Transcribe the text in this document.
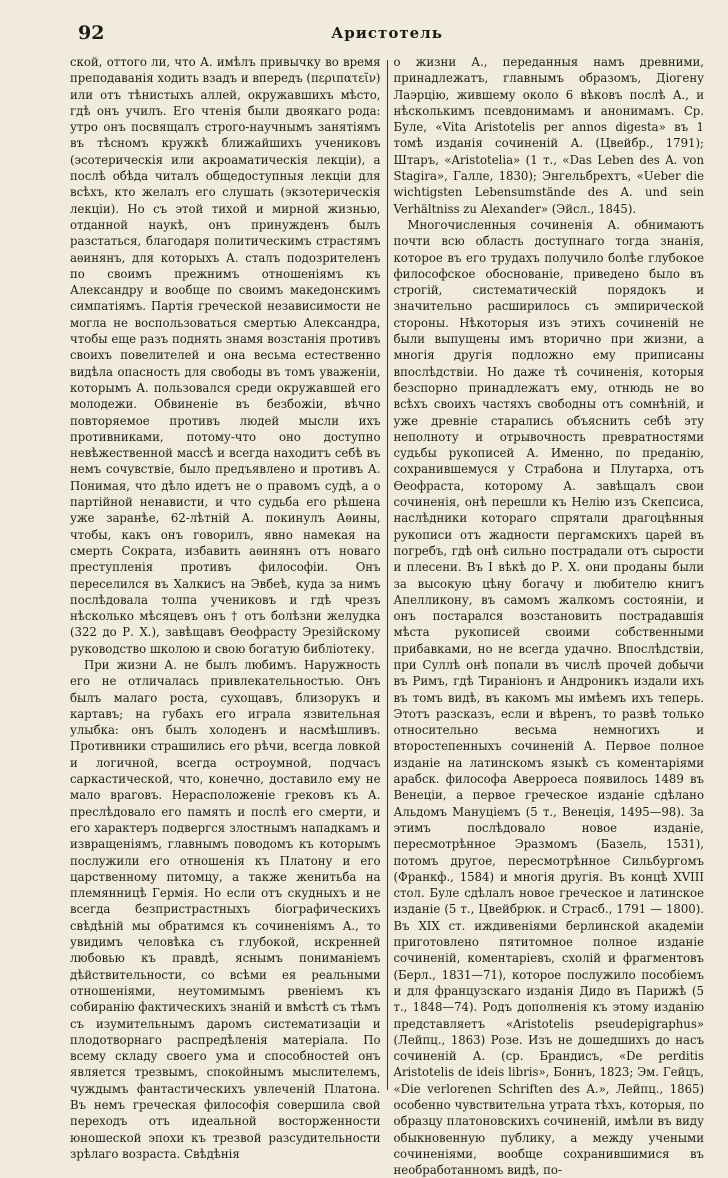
92	Аристотель

ской, оттого ли, что А. имѣлъ привычку во время преподаванія ходить взадъ и впередъ (περιπατεῖν) или отъ тѣнистыхъ аллей, окружавшихъ мѣсто, гдѣ онъ училъ. Его чтенія были двоякаго рода: утро онъ посвящалъ строго-научнымъ занятіямъ въ тѣсномъ кружкѣ ближайшихъ учениковъ (эсотерическія или акроаматическія лекціи), а послѣ обѣда читалъ общедоступныя лекціи для всѣхъ, кто желалъ его слушать (экзотерическія лекціи). Но съ этой тихой и мирной жизнью, отданной наукѣ, онъ принужденъ былъ разстаться, благодаря политическимъ страстямъ аѳинянъ, для которыхъ А. сталъ подозрителенъ по своимъ прежнимъ отношеніямъ къ Александру и вообще по своимъ македонскимъ симпатіямъ. Партія греческой независимости не могла не воспользоваться смертью Александра, чтобы еще разъ поднять знамя возстанія противъ своихъ повелителей и она весьма естественно видѣла опасность для свободы въ томъ уваженіи, которымъ А. пользовался среди окружавшей его молодежи. Обвиненіе въ безбожіи, вѣчно повторяемое противъ людей мысли ихъ противниками, потому-что оно доступно невѣжественной массѣ и всегда находитъ себѣ въ немъ сочувствіе, было предъявлено и противъ А. Понимая, что дѣло идетъ не о правомъ судѣ, а о партійной ненависти, и что судьба его рѣшена уже заранѣе, 62-лѣтній А. покинулъ Аѳины, чтобы, какъ онъ говорилъ, явно намекая на смерть Сократа, избавить аѳинянъ отъ новаго преступленія противъ философіи. Онъ переселился въ Халкисъ на Эвбеѣ, куда за нимъ послѣдовала толпа учениковъ и гдѣ чрезъ нѣсколько мѣсяцевъ онъ † отъ болѣзни желудка (322 до Р. Х.), завѣщавъ Ѳеофрасту Эрезійскому руководство школою и свою богатую библіотеку.

При жизни А. не былъ любимъ. Наружность его не отличалась привлекательностью. Онъ былъ малаго роста, сухощавъ, близорукъ и картавъ; на губахъ его играла язвительная улыбка: онъ былъ холоденъ и насмѣшливъ. Противники страшились его рѣчи, всегда ловкой и логичной, всегда остроумной, подчасъ саркастической, что, конечно, доставило ему не мало враговъ. Нерасположеніе грековъ къ А. преслѣдовало его память и послѣ его смерти, и его характеръ подвергся злостнымъ нападкамъ и извращеніямъ, главнымъ поводомъ къ которымъ послужили его отношенія къ Платону и его царственному питомцу, а также женитьба на племянницѣ Гермія. Но если отъ скудныхъ и не всегда безпристрастныхъ біографическихъ свѣдѣній мы обратимся къ сочиненіямъ А., то увидимъ человѣка съ глубокой, искренней любовью къ правдѣ, яснымъ пониманіемъ дѣйствительности, со всѣми ея реальными отношеніями, неутомимымъ рвеніемъ къ собиранію фактическихъ знаній и вмѣстѣ съ тѣмъ съ изумительнымъ даромъ систематизаціи и плодотворнаго распредѣленія матеріала. По всему складу своего ума и способностей онъ является трезвымъ, спокойнымъ мыслителемъ, чуждымъ фантастическихъ увлеченій Платона. Въ немъ греческая философія совершила свой переходъ отъ идеальной восторженности юношеской эпохи къ трезвой разсудительности зрѣлаго возраста. Свѣдѣнія

о жизни А., переданныя намъ древними, принадлежатъ, главнымъ образомъ, Діогену Лаэрцію, жившему около 6 вѣковъ послѣ А., и нѣсколькимъ псевдонимамъ и анонимамъ. Ср. Буле, «Vita Aristotelis per annos digesta» въ 1 томѣ изданія сочиненій А. (Цвейбр., 1791); Штаръ, «Aristotelia» (1 т., «Das Leben des A. von Stagira», Галле, 1830); Энгельбрехтъ, «Ueber die wichtigsten Lebensumstände des A. und sein Verhältniss zu Alexander» (Эйсл., 1845).

Многочисленныя сочиненія А. обнимаютъ почти всю область доступнаго тогда знанія, которое въ его трудахъ получило болѣе глубокое философское обоснованіе, приведено было въ строгій, систематическій порядокъ и значительно расширилось съ эмпирической стороны. Нѣкоторыя изъ этихъ сочиненій не были выпущены имъ вторично при жизни, а многія другія подложно ему приписаны впослѣдствіи. Но даже тѣ сочиненія, которыя безспорно принадлежатъ ему, отнюдь не во всѣхъ своихъ частяхъ свободны отъ сомнѣній, и уже древніе старались объяснить себѣ эту неполноту и отрывочность превратностями судьбы рукописей А. Именно, по преданію, сохранившемуся у Страбона и Плутарха, отъ Ѳеофраста, которому А. завѣщалъ свои сочиненія, онѣ перешли къ Нелію изъ Скепсиса, наслѣдники котораго спрятали драгоцѣнныя рукописи отъ жадности пергамскихъ царей въ погребъ, гдѣ онѣ сильно пострадали отъ сырости и плесени. Въ I вѣкѣ до Р. Х. они проданы были за высокую цѣну богачу и любителю книгъ Апелликону, въ самомъ жалкомъ состояніи, и онъ постарался возстановить пострадавшія мѣста рукописей своими собственными прибавками, но не всегда удачно. Впослѣдствіи, при Суллѣ онѣ попали въ числѣ прочей добычи въ Римъ, гдѣ Тираніонъ и Андроникъ издали ихъ въ томъ видѣ, въ какомъ мы имѣемъ ихъ теперь. Этотъ разсказъ, если и вѣренъ, то развѣ только относительно весьма немногихъ и второстепенныхъ сочиненій А. Первое полное изданіе на латинскомъ языкѣ съ коментаріями арабск. философа Аверроеса появилось 1489 въ Венеціи, а первое греческое изданіе сдѣлано Альдомъ Мануціемъ (5 т., Венеція, 1495—98). За этимъ послѣдовало новое изданіе, пересмотрѣнное Эразмомъ (Базель, 1531), потомъ другое, пересмотрѣнное Сильбургомъ (Франкф., 1584) и многія другія. Въ концѣ XVIII стол. Буле сдѣлалъ новое греческое и латинское изданіе (5 т., Цвейбрюк. и Страсб., 1791 — 1800). Въ XIX ст. иждивеніями берлинской академіи приготовлено пятитомное полное изданіе сочиненій, коментаріевъ, схолій и фрагментовъ (Берл., 1831—71), которое послужило пособіемъ и для французскаго изданія Дидо въ Парижѣ (5 т., 1848—74). Родъ дополненія къ этому изданію представляетъ «Aristotelis pseudepigraphus» (Лейпц., 1863) Розе. Изъ не дошедшихъ до насъ сочиненій А. (ср. Брандисъ, «De perditis Aristotelis de ideis libris», Боннъ, 1823; Эм. Гейцъ, «Die verlorenen Schriften des A.», Лейпц., 1865) особенно чувствительна утрата тѣхъ, которыя, по образцу платоновскихъ сочиненій, имѣли въ виду обыкновенную публику, а между учеными сочиненіями, вообще сохранившимися въ необработанномъ видѣ, по-
